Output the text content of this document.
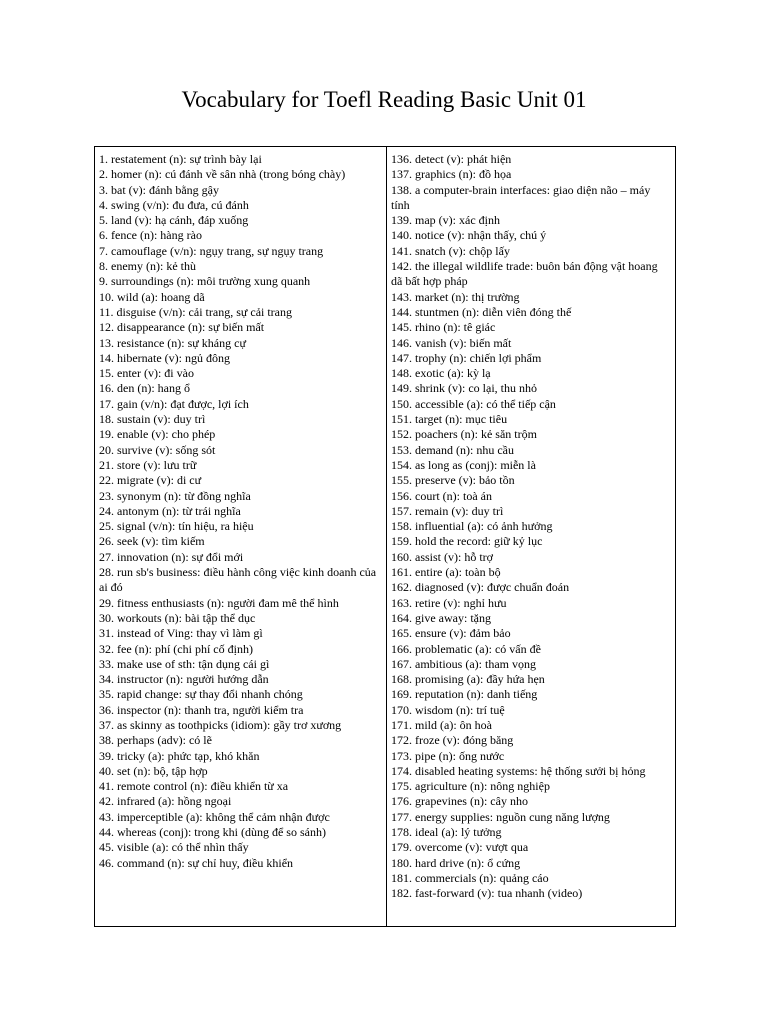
Vocabulary for Toefl Reading Basic Unit 01
1. restatement (n): sự trình bày lại
2. homer (n): cú đánh về sân nhà (trong bóng chày)
3. bat (v): đánh bằng gậy
4. swing (v/n): đu đưa, cú đánh
5. land (v): hạ cánh, đáp xuống
6. fence (n): hàng rào
7. camouflage (v/n): ngụy trang, sự ngụy trang
8. enemy (n): kẻ thù
9. surroundings (n): môi trường xung quanh
10. wild (a): hoang dã
11. disguise (v/n): cải trang, sự cải trang
12. disappearance (n): sự biến mất
13. resistance (n): sự kháng cự
14. hibernate (v): ngủ đông
15. enter (v): đi vào
16. den (n): hang ổ
17. gain (v/n): đạt được, lợi ích
18. sustain (v): duy trì
19. enable (v): cho phép
20. survive (v): sống sót
21. store (v): lưu trữ
22. migrate (v): di cư
23. synonym (n): từ đồng nghĩa
24. antonym (n): từ trái nghĩa
25. signal (v/n): tín hiệu, ra hiệu
26. seek (v): tìm kiếm
27. innovation (n): sự đổi mới
28. run sb's business: điều hành công việc kinh doanh của ai đó
29. fitness enthusiasts (n): người đam mê thể hình
30. workouts (n): bài tập thể dục
31. instead of Ving: thay vì làm gì
32. fee (n): phí (chi phí cố định)
33. make use of sth: tận dụng cái gì
34. instructor (n): người hướng dẫn
35. rapid change: sự thay đổi nhanh chóng
36. inspector (n): thanh tra, người kiểm tra
37. as skinny as toothpicks (idiom): gầy trơ xương
38. perhaps (adv): có lẽ
39. tricky (a): phức tạp, khó khăn
40. set (n): bộ, tập hợp
41. remote control (n): điều khiển từ xa
42. infrared (a): hồng ngoại
43. imperceptible (a): không thể cảm nhận được
44. whereas (conj): trong khi (dùng để so sánh)
45. visible (a): có thể nhìn thấy
46. command (n): sự chỉ huy, điều khiển
136. detect (v): phát hiện
137. graphics (n): đồ họa
138. a computer-brain interfaces: giao diện não – máy tính
139. map (v): xác định
140. notice (v): nhận thấy, chú ý
141. snatch (v): chộp lấy
142. the illegal wildlife trade: buôn bán động vật hoang dã bất hợp pháp
143. market (n): thị trường
144. stuntmen (n): diễn viên đóng thế
145. rhino (n): tê giác
146. vanish (v): biến mất
147. trophy (n): chiến lợi phẩm
148. exotic (a): kỳ lạ
149. shrink (v): co lại, thu nhỏ
150. accessible (a): có thể tiếp cận
151. target (n): mục tiêu
152. poachers (n): kẻ săn trộm
153. demand (n): nhu cầu
154. as long as (conj): miễn là
155. preserve (v): bảo tồn
156. court (n): toà án
157. remain (v): duy trì
158. influential (a): có ảnh hưởng
159. hold the record: giữ kỷ lục
160. assist (v): hỗ trợ
161. entire (a): toàn bộ
162. diagnosed (v): được chuẩn đoán
163. retire (v): nghỉ hưu
164. give away: tặng
165. ensure (v): đảm bảo
166. problematic (a): có vấn đề
167. ambitious (a): tham vọng
168. promising (a): đầy hứa hẹn
169. reputation (n): danh tiếng
170. wisdom (n): trí tuệ
171. mild (a): ôn hoà
172. froze (v): đóng băng
173. pipe (n): ống nước
174. disabled heating systems: hệ thống sưởi bị hỏng
175. agriculture (n): nông nghiệp
176. grapevines (n): cây nho
177. energy supplies: nguồn cung năng lượng
178. ideal (a): lý tưởng
179. overcome (v): vượt qua
180. hard drive (n): ổ cứng
181. commercials (n): quảng cáo
182. fast-forward (v): tua nhanh (video)
